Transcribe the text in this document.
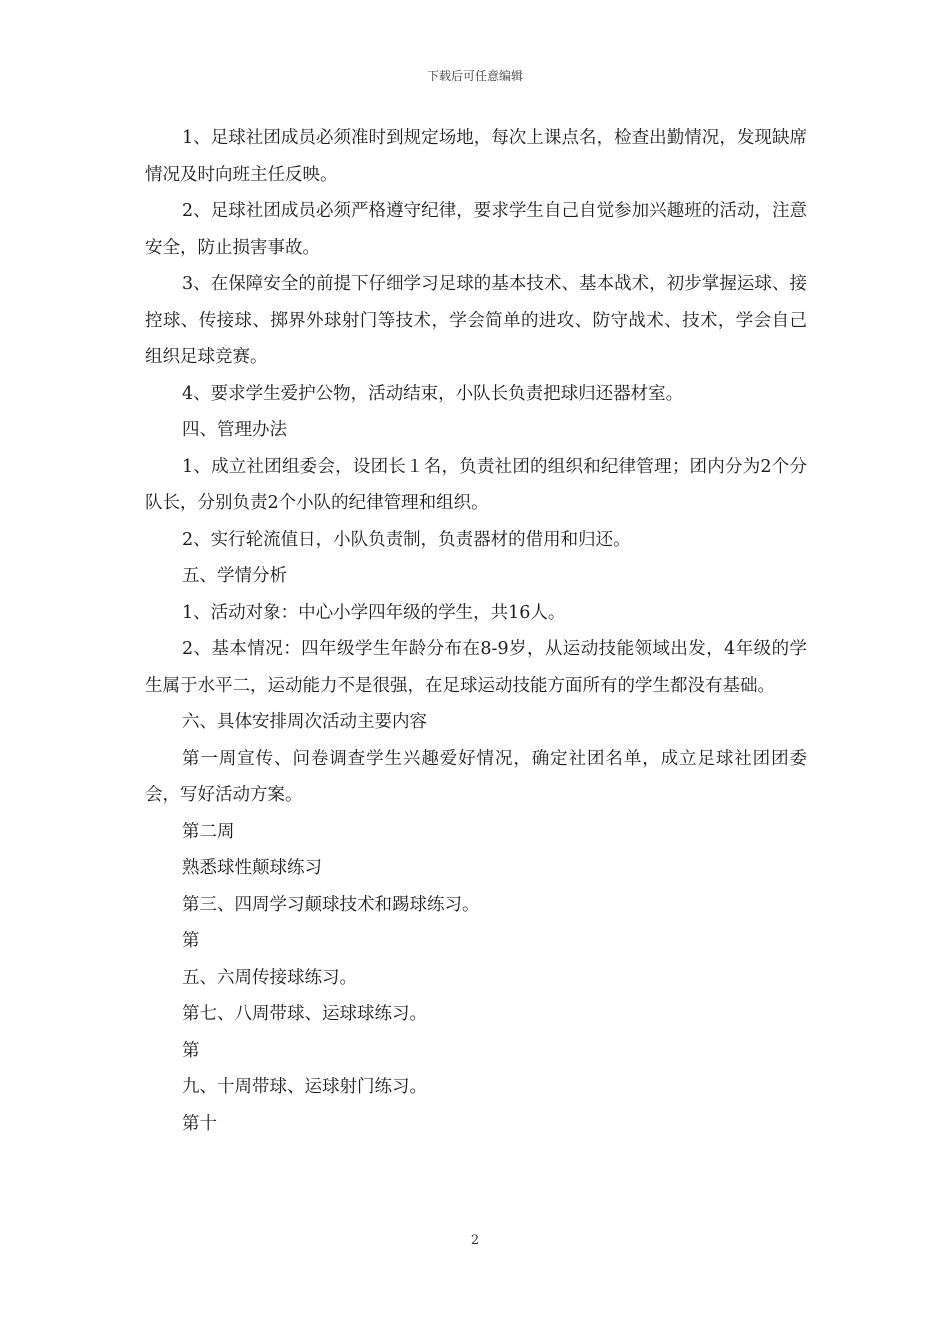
下载后可任意编辑

1、足球社团成员必须准时到规定场地，每次上课点名，检查出勤情况，发现缺席情况及时向班主任反映。

2、足球社团成员必须严格遵守纪律，要求学生自己自觉参加兴趣班的活动，注意安全，防止损害事故。

3、在保障安全的前提下仔细学习足球的基本技术、基本战术，初步掌握运球、接控球、传接球、掷界外球射门等技术，学会简单的进攻、防守战术、技术，学会自己组织足球竞赛。

4、要求学生爱护公物，活动结束，小队长负责把球归还器材室。

四、管理办法

1、成立社团组委会，设团长１名，负责社团的组织和纪律管理；团内分为2个分队长，分别负责2个小队的纪律管理和组织。

2、实行轮流值日，小队负责制，负责器材的借用和归还。

五、学情分析

1、活动对象：中心小学四年级的学生，共16人。

2、基本情况：四年级学生年龄分布在8-9岁，从运动技能领域出发，4年级的学生属于水平二，运动能力不是很强，在足球运动技能方面所有的学生都没有基础。

六、具体安排周次活动主要内容

第一周宣传、问卷调查学生兴趣爱好情况，确定社团名单，成立足球社团团委会，写好活动方案。

第二周

熟悉球性颠球练习

第三、四周学习颠球技术和踢球练习。

第

五、六周传接球练习。

第七、八周带球、运球球练习。

第

九、十周带球、运球射门练习。

第十

2
